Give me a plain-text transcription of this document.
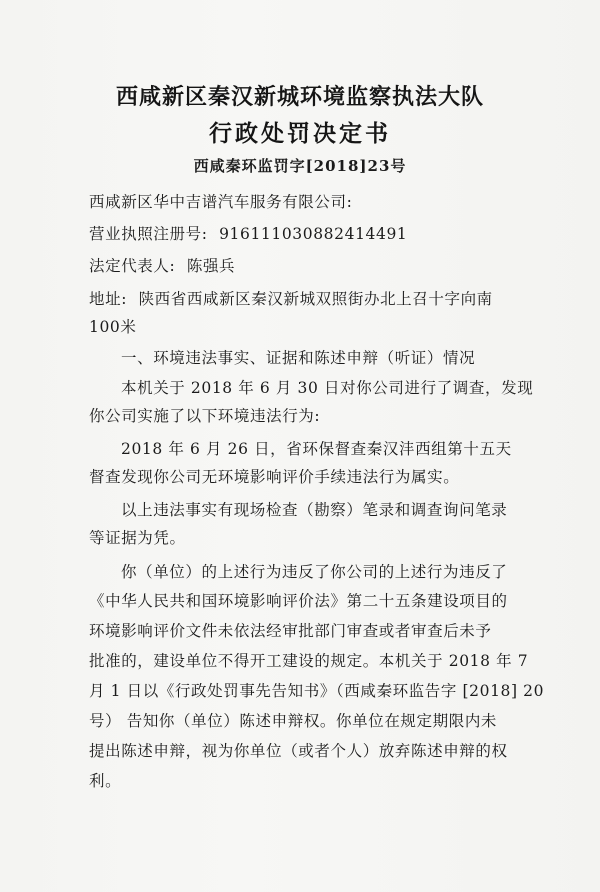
西咸新区秦汉新城环境监察执法大队
行政处罚决定书
西咸秦环监罚字[2018]23号
西咸新区华中吉谱汽车服务有限公司:
营业执照注册号: 916111030882414491
法定代表人: 陈强兵
地址: 陕西省西咸新区秦汉新城双照街办北上召十字向南
100米
一、环境违法事实、证据和陈述申辩（听证）情况
本机关于 2018 年 6 月 30 日对你公司进行了调查，发现
你公司实施了以下环境违法行为:
2018 年 6 月 26 日，省环保督查秦汉沣西组第十五天
督查发现你公司无环境影响评价手续违法行为属实。
以上违法事实有现场检查（勘察）笔录和调查询问笔录
等证据为凭。
你（单位）的上述行为违反了你公司的上述行为违反了
《中华人民共和国环境影响评价法》第二十五条建设项目的
环境影响评价文件未依法经审批部门审查或者审查后未予
批准的，建设单位不得开工建设的规定。本机关于 2018 年 7
月 1 日以《行政处罚事先告知书》（西咸秦环监告字 [2018] 20
号） 告知你（单位）陈述申辩权。你单位在规定期限内未
提出陈述申辩，视为你单位（或者个人）放弃陈述申辩的权
利。
